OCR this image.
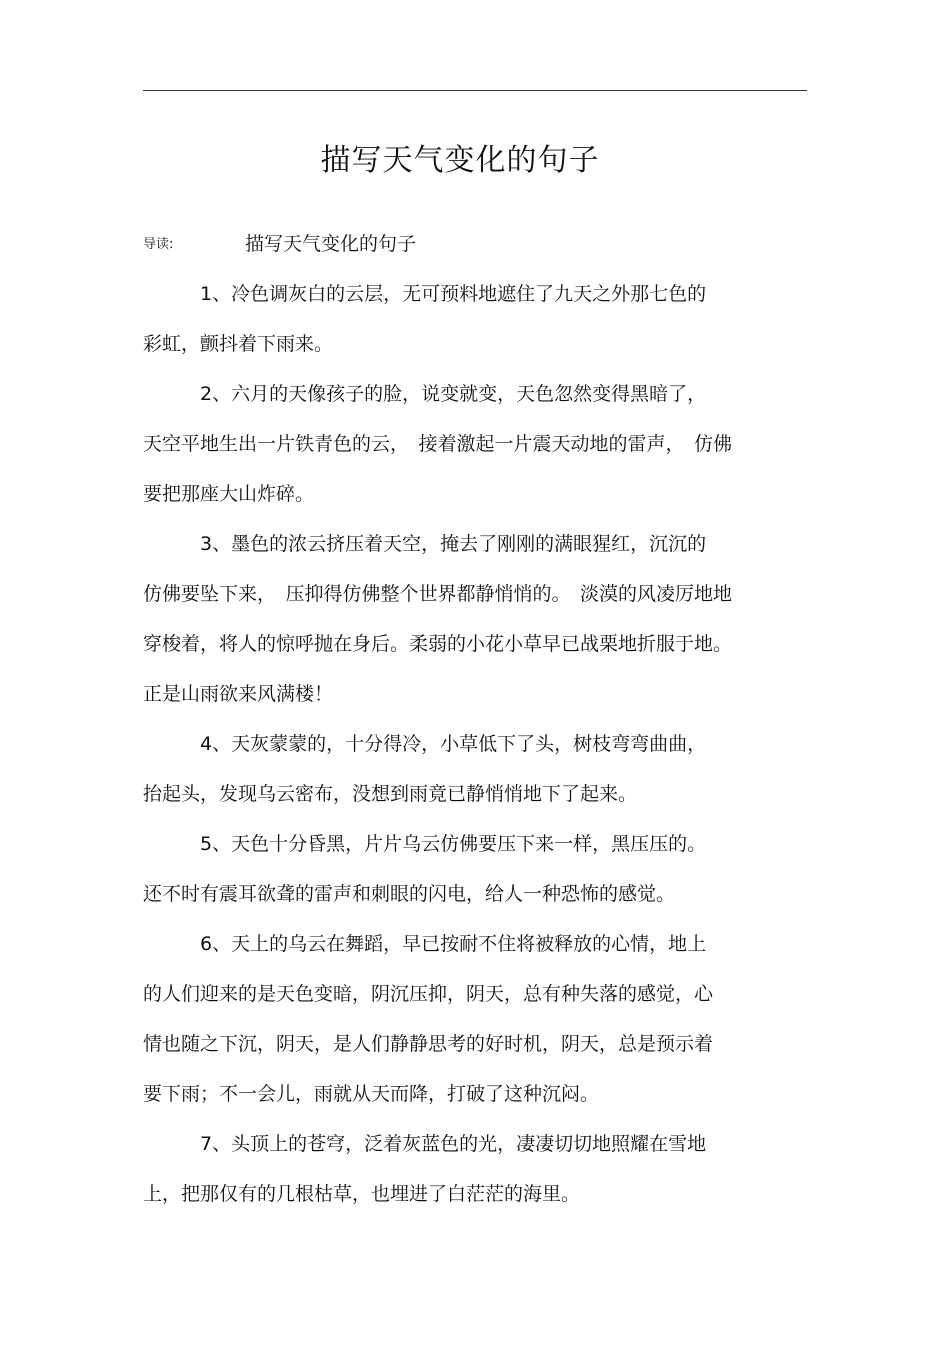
描写天气变化的句子
导读:	描写天气变化的句子
1、冷色调灰白的云层，无可预料地遮住了九天之外那七色的
彩虹，颤抖着下雨来。
2、六月的天像孩子的脸，说变就变，天色忽然变得黑暗了，
天空平地生出一片铁青色的云，　接着激起一片震天动地的雷声，　仿佛
要把那座大山炸碎。
3、墨色的浓云挤压着天空，掩去了刚刚的满眼猩红，沉沉的
仿佛要坠下来，　压抑得仿佛整个世界都静悄悄的。　淡漠的风凌厉地地
穿梭着，将人的惊呼抛在身后。柔弱的小花小草早已战栗地折服于地。
正是山雨欲来风满楼！
4、天灰蒙蒙的，十分得冷，小草低下了头，树枝弯弯曲曲，
抬起头，发现乌云密布，没想到雨竟已静悄悄地下了起来。
5、天色十分昏黑，片片乌云仿佛要压下来一样，黑压压的。
还不时有震耳欲聋的雷声和刺眼的闪电，给人一种恐怖的感觉。
6、天上的乌云在舞蹈，早已按耐不住将被释放的心情，地上
的人们迎来的是天色变暗，阴沉压抑，阴天，总有种失落的感觉，心
情也随之下沉，阴天，是人们静静思考的好时机，阴天，总是预示着
要下雨；不一会儿，雨就从天而降，打破了这种沉闷。
7、头顶上的苍穹，泛着灰蓝色的光，凄凄切切地照耀在雪地
上，把那仅有的几根枯草，也埋进了白茫茫的海里。
